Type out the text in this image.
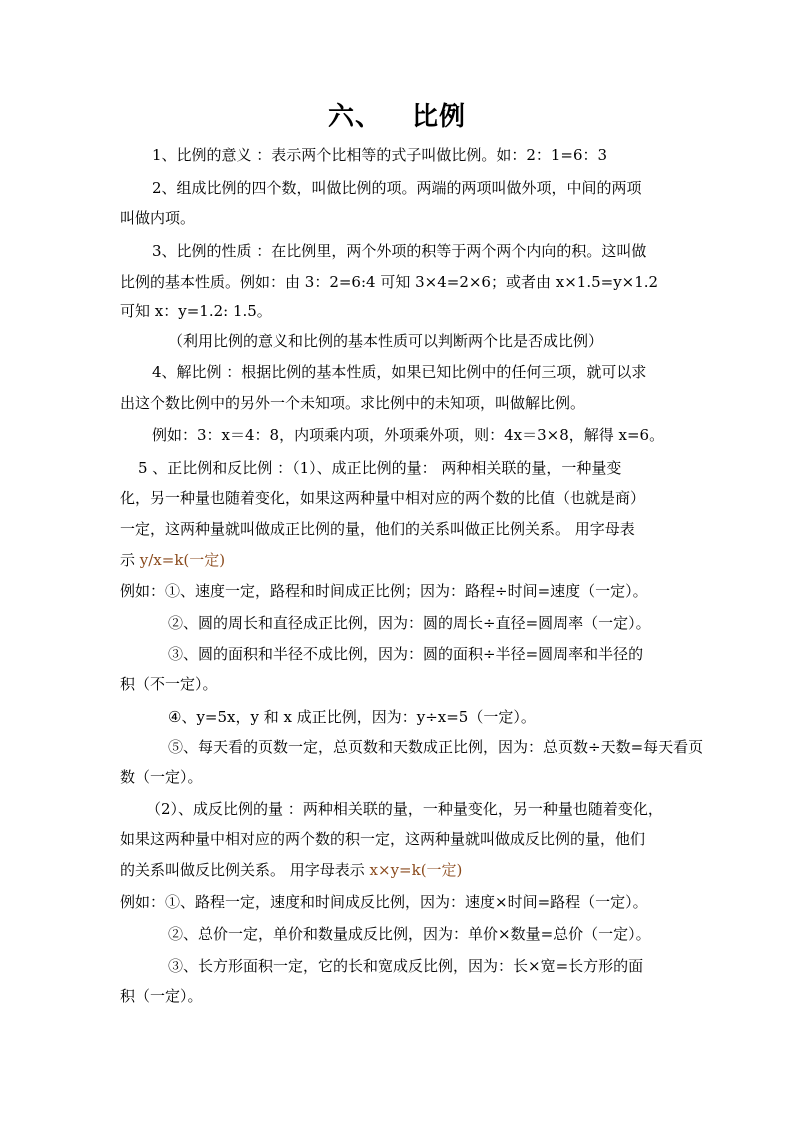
六、 比例
1、比例的意义 ：表示两个比相等的式子叫做比例。如：2：1=6：3
2、组成比例的四个数，叫做比例的项。两端的两项叫做外项，中间的两项
叫做内项。
3、比例的性质 ：在比例里，两个外项的积等于两个两个内向的积。这叫做
比例的基本性质。例如：由 3：2=6:4 可知 3×4=2×6；或者由 x×1.5=y×1.2
可知 x：y=1.2: 1.5。
（利用比例的意义和比例的基本性质可以判断两个比是否成比例）
4、解比例 ：根据比例的基本性质，如果已知比例中的任何三项，就可以求
出这个数比例中的另外一个未知项。求比例中的未知项，叫做解比例。
例如：3：x＝4：8，内项乘内项，外项乘外项，则：4x＝3×8，解得 x=6。
5 、正比例和反比例 ：（1）、成正比例的量： 两种相关联的量，一种量变
化，另一种量也随着变化，如果这两种量中相对应的两个数的比值（也就是商）
一定，这两种量就叫做成正比例的量，他们的关系叫做正比例关系。 用字母表
示 y/x=k(一定)
例如：①、速度一定，路程和时间成正比例；因为：路程÷时间=速度（一定）。
②、圆的周长和直径成正比例，因为：圆的周长÷直径=圆周率（一定）。
③、圆的面积和半径不成比例，因为：圆的面积÷半径=圆周率和半径的
积（不一定）。
④、y=5x，y 和 x 成正比例，因为：y÷x=5（一定）。
⑤、每天看的页数一定，总页数和天数成正比例，因为：总页数÷天数=每天看页
数（一定）。
（2）、成反比例的量 ：两种相关联的量，一种量变化，另一种量也随着变化，
如果这两种量中相对应的两个数的积一定，这两种量就叫做成反比例的量，他们
的关系叫做反比例关系。 用字母表示 x×y=k(一定)
例如：①、路程一定，速度和时间成反比例，因为：速度×时间=路程（一定）。
②、总价一定，单价和数量成反比例，因为：单价×数量=总价（一定）。
③、长方形面积一定，它的长和宽成反比例，因为：长×宽=长方形的面
积（一定）。
